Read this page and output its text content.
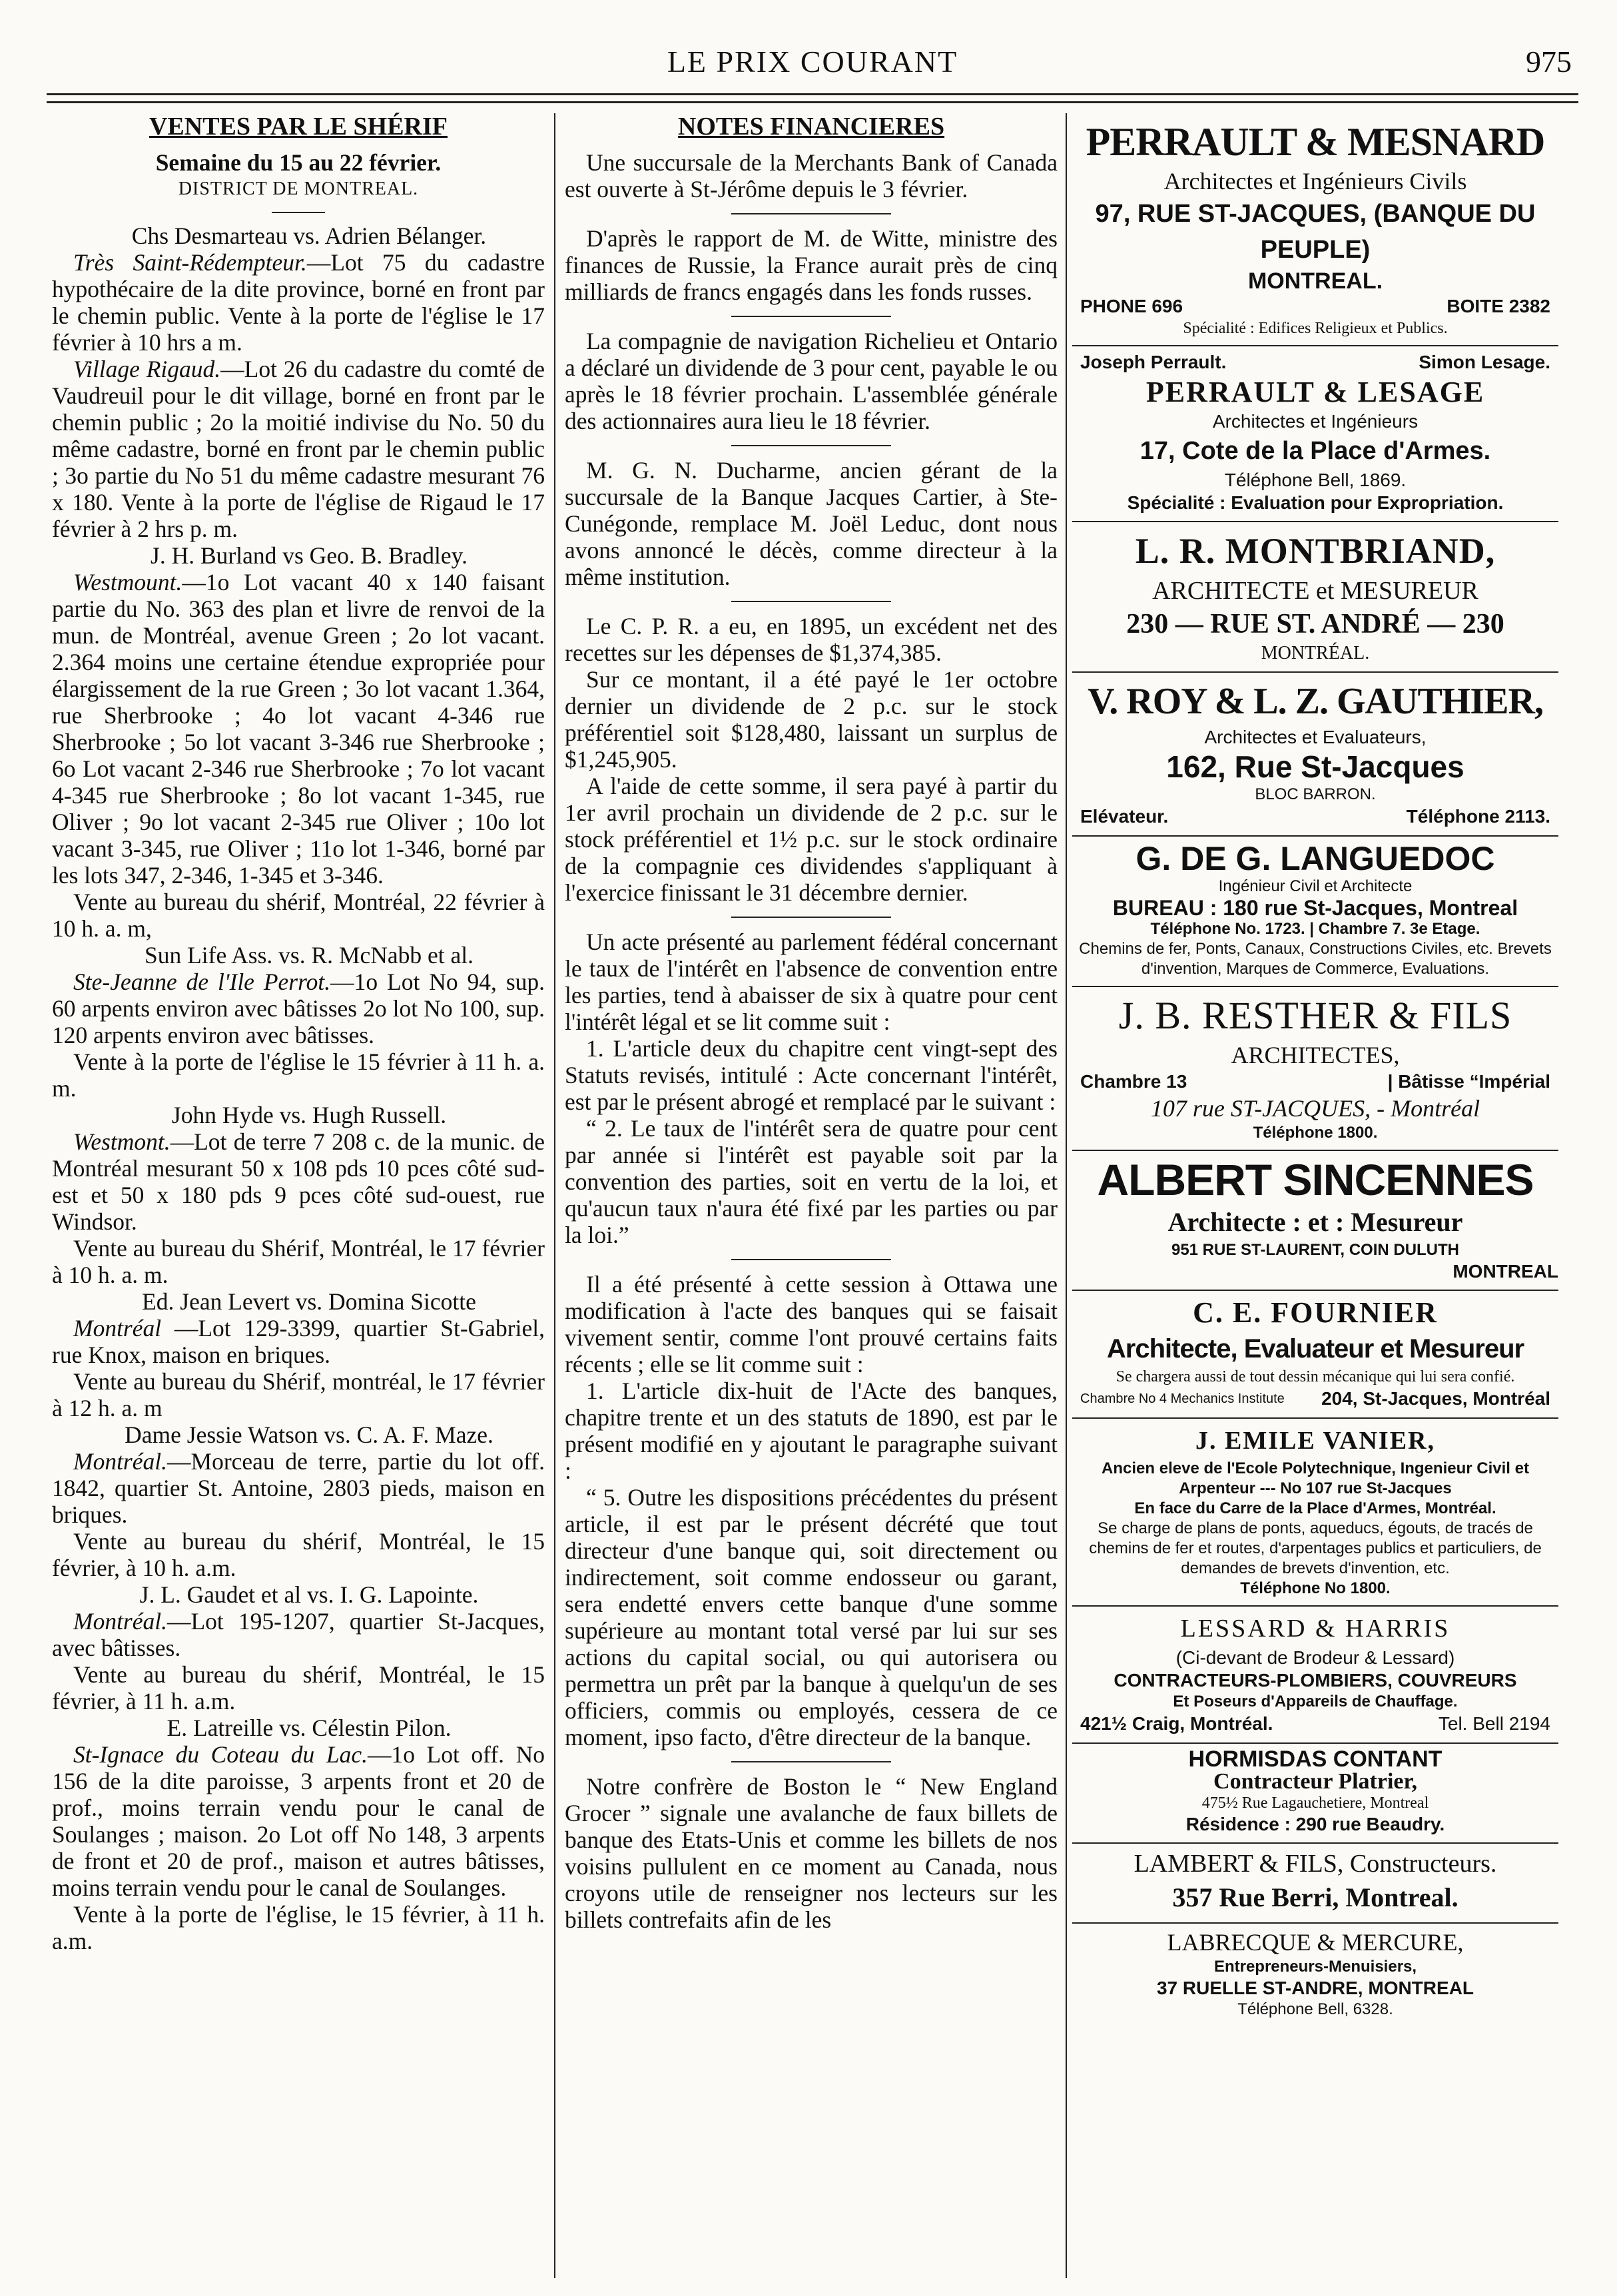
LE PRIX COURANT	975
VENTES PAR LE SHÉRIF

Semaine du 15 au 22 février.

DISTRICT DE MONTREAL.

Chs Desmarteau vs. Adrien Bélanger.

Très Saint-Rédempteur.—Lot 75 du cadastre hypothécaire de la dite province, borné en front par le chemin public. Vente à la porte de l'église le 17 février à 10 hrs a m.

Village Rigaud.—Lot 26 du cadastre du comté de Vaudreuil pour le dit village, borné en front par le chemin public ; 2o la moitié indivise du No. 50 du même cadastre, borné en front par le chemin public ; 3o partie du No 51 du même cadastre mesurant 76 x 180. Vente à la porte de l'église de Rigaud le 17 février à 2 hrs p. m.

J. H. Burland vs Geo. B. Bradley.

Westmount.—1o Lot vacant 40 x 140 faisant partie du No. 363 des plan et livre de renvoi de la mun. de Montréal, avenue Green ; 2o lot vacant. 2.364 moins une certaine étendue expropriée pour élargissement de la rue Green ; 3o lot vacant 1.364, rue Sherbrooke ; 4o lot vacant 4-346 rue Sherbrooke ; 5o lot vacant 3-346 rue Sherbrooke ; 6o Lot vacant 2-346 rue Sherbrooke ; 7o lot vacant 4-345 rue Sherbrooke ; 8o lot vacant 1-345, rue Oliver ; 9o lot vacant 2-345 rue Oliver ; 10o lot vacant 3-345, rue Oliver ; 11o lot 1-346, borné par les lots 347, 2-346, 1-345 et 3-346.

Vente au bureau du shérif, Montréal, 22 février à 10 h. a. m,

Sun Life Ass. vs. R. McNabb et al.

Ste-Jeanne de l'Ile Perrot.—1o Lot No 94, sup. 60 arpents environ avec bâtisses 2o lot No 100, sup. 120 arpents environ avec bâtisses.

Vente à la porte de l'église le 15 février à 11 h. a. m.

John Hyde vs. Hugh Russell.

Westmont.—Lot de terre 7 208 c. de la munic. de Montréal mesurant 50 x 108 pds 10 pces côté sud-est et 50 x 180 pds 9 pces côté sud-ouest, rue Windsor.

Vente au bureau du Shérif, Montréal, le 17 février à 10 h. a. m.

Ed. Jean Levert vs. Domina Sicotte

Montréal —Lot 129-3399, quartier St-Gabriel, rue Knox, maison en briques.

Vente au bureau du Shérif, montréal, le 17 février à 12 h. a. m

Dame Jessie Watson vs. C. A. F. Maze.

Montréal.—Morceau de terre, partie du lot off. 1842, quartier St. Antoine, 2803 pieds, maison en briques.

Vente au bureau du shérif, Montréal, le 15 février, à 10 h. a.m.

J. L. Gaudet et al vs. I. G. Lapointe.

Montréal.—Lot 195-1207, quartier St-Jacques, avec bâtisses.

Vente au bureau du shérif, Montréal, le 15 février, à 11 h. a.m.

E. Latreille vs. Célestin Pilon.

St-Ignace du Coteau du Lac.—1o Lot off. No 156 de la dite paroisse, 3 arpents front et 20 de prof., moins terrain vendu pour le canal de Soulanges ; maison. 2o Lot off No 148, 3 arpents de front et 20 de prof., maison et autres bâtisses, moins terrain vendu pour le canal de Soulanges.

Vente à la porte de l'église, le 15 février, à 11 h. a.m.

NOTES FINANCIERES

Une succursale de la Merchants Bank of Canada est ouverte à St-Jérôme depuis le 3 février.

D'après le rapport de M. de Witte, ministre des finances de Russie, la France aurait près de cinq milliards de francs engagés dans les fonds russes.

La compagnie de navigation Richelieu et Ontario a déclaré un dividende de 3 pour cent, payable le ou après le 18 février prochain. L'assemblée générale des actionnaires aura lieu le 18 février.

M. G. N. Ducharme, ancien gérant de la succursale de la Banque Jacques Cartier, à Ste-Cunégonde, remplace M. Joël Leduc, dont nous avons annoncé le décès, comme directeur à la même institution.

Le C. P. R. a eu, en 1895, un excédent net des recettes sur les dépenses de $1,374,385.

Sur ce montant, il a été payé le 1er octobre dernier un dividende de 2 p.c. sur le stock préférentiel soit $128,480, laissant un surplus de $1,245,905.

A l'aide de cette somme, il sera payé à partir du 1er avril prochain un dividende de 2 p.c. sur le stock préférentiel et 1½ p.c. sur le stock ordinaire de la compagnie ces dividendes s'appliquant à l'exercice finissant le 31 décembre dernier.

Un acte présenté au parlement fédéral concernant le taux de l'intérêt en l'absence de convention entre les parties, tend à abaisser de six à quatre pour cent l'intérêt légal et se lit comme suit :

1. L'article deux du chapitre cent vingt-sept des Statuts revisés, intitulé : Acte concernant l'intérêt, est par le présent abrogé et remplacé par le suivant :

“ 2. Le taux de l'intérêt sera de quatre pour cent par année si l'intérêt est payable soit par la convention des parties, soit en vertu de la loi, et qu'aucun taux n'aura été fixé par les parties ou par la loi.”

Il a été présenté à cette session à Ottawa une modification à l'acte des banques qui se faisait vivement sentir, comme l'ont prouvé certains faits récents ; elle se lit comme suit :

1. L'article dix-huit de l'Acte des banques, chapitre trente et un des statuts de 1890, est par le présent modifié en y ajoutant le paragraphe suivant :

“ 5. Outre les dispositions précédentes du présent article, il est par le présent décrété que tout directeur d'une banque qui, soit directement ou indirectement, soit comme endosseur ou garant, sera endetté envers cette banque d'une somme supérieure au montant total versé par lui sur ses actions du capital social, ou qui autorisera ou permettra un prêt par la banque à quelqu'un de ses officiers, commis ou employés, cessera de ce moment, ipso facto, d'être directeur de la banque.

Notre confrère de Boston le “ New England Grocer ” signale une avalanche de faux billets de banque des Etats-Unis et comme les billets de nos voisins pullulent en ce moment au Canada, nous croyons utile de renseigner nos lecteurs sur les billets contrefaits afin de les

PERRAULT & MESNARD
Architectes et Ingénieurs Civils
97, RUE ST-JACQUES, (BANQUE DU PEUPLE)
MONTREAL.
PHONE 696	BOITE 2382
Spécialité : Edifices Religieux et Publics.
Joseph Perrault.	Simon Lesage.
PERRAULT & LESAGE
Architectes et Ingénieurs
17, Cote de la Place d'Armes.
Téléphone Bell, 1869.
Spécialité : Evaluation pour Expropriation.
L. R. MONTBRIAND,
ARCHITECTE et MESUREUR
230 — RUE ST. ANDRÉ — 230
MONTRÉAL.
V. ROY & L. Z. GAUTHIER,
Architectes et Evaluateurs,
162, Rue St-Jacques
BLOC BARRON.
Elévateur.	Téléphone 2113.
G. DE G. LANGUEDOC
Ingénieur Civil et Architecte
BUREAU : 180 rue St-Jacques, Montreal
Téléphone No. 1723. | Chambre 7. 3e Etage.
Chemins de fer, Ponts, Canaux, Constructions Civiles, etc. Brevets d'invention, Marques de Commerce, Evaluations.
J. B. RESTHER & FILS
ARCHITECTES,
Chambre 13	| Bâtisse “Impérial
107 rue ST-JACQUES, - Montréal
Téléphone 1800.
ALBERT SINCENNES
Architecte : et : Mesureur
951 RUE ST-LAURENT, COIN DULUTH
MONTREAL
C. E. FOURNIER
Architecte, Evaluateur et Mesureur
Se chargera aussi de tout dessin mécanique qui lui sera confié.
Chambre No 4 Mechanics Institute 204, St-Jacques, Montréal
J. EMILE VANIER,
Ancien eleve de l'Ecole Polytechnique, Ingenieur Civil et Arpenteur --- No 107 rue St-Jacques
En face du Carre de la Place d'Armes, Montréal.
Se charge de plans de ponts, aqueducs, égouts, de tracés de chemins de fer et routes, d'arpentages publics et particuliers, de demandes de brevets d'invention, etc.
Téléphone No 1800.
LESSARD & HARRIS
(Ci-devant de Brodeur & Lessard)
CONTRACTEURS-PLOMBIERS, COUVREURS
Et Poseurs d'Appareils de Chauffage.
421½ Craig, Montréal.	Tel. Bell 2194
HORMISDAS CONTANT
Contracteur Platrier,
475½ Rue Lagauchetiere, Montreal
Résidence : 290 rue Beaudry.
LAMBERT & FILS, Constructeurs.
357 Rue Berri, Montreal.
LABRECQUE & MERCURE,
Entrepreneurs-Menuisiers,
37 RUELLE ST-ANDRE, MONTREAL
Téléphone Bell, 6328.
